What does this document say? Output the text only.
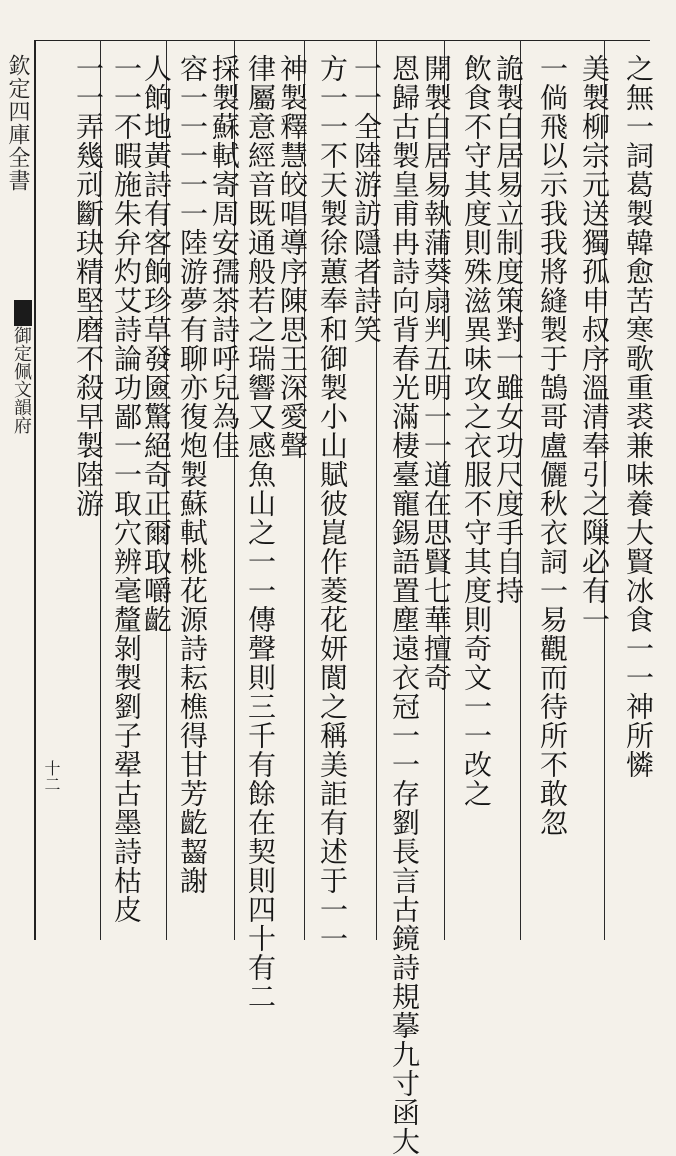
欽定四庫全書
御定佩文韻府
十二	之無一詞葛製韓愈苦寒歌重裘兼味養大賢冰食一一神所憐
美製柳宗元送獨孤申叔序溫清奉引之隟必有一
一倘飛以示我我將縫製于鵠哥盧儷秋衣詞一易觀而待所不敢忽
詭製白居易立制度策對一雖女功尺度手自持
飲食不守其度則殊滋異味攻之衣服不守其度則奇文一一改之
開製白居易執蒲葵扇判五明一一道在思賢七華擅奇
恩歸古製皇甫冉詩向背春光滿棲臺寵錫語置塵遠衣冠一一存劉長言古鏡詩規摹九寸函大
一一全陸游訪隱者詩笑
方一一不天製徐蕙奉和御製小山賦彼崑作菱花妍閬之稱美詎有述于一一
神製釋慧皎唱導序陳思王深愛聲
律屬意經音既通般若之瑞響又感魚山之一一傳聲則三千有餘在契則四十有二
採製蘇軾寄周安孺茶詩呼兒為佳
容一一一一一陸游夢有聊亦復炮製蘇軾桃花源詩耘樵得甘芳齕齧謝
人餉地黃詩有客餉珍草發匳驚絕奇正爾取嚼齕
一一不暇施朱弁灼艾詩論功鄙一一取穴辨毫釐剝製劉子翚古墨詩枯皮
一一弄幾刓斷玦精堅磨不殺早製陸游
